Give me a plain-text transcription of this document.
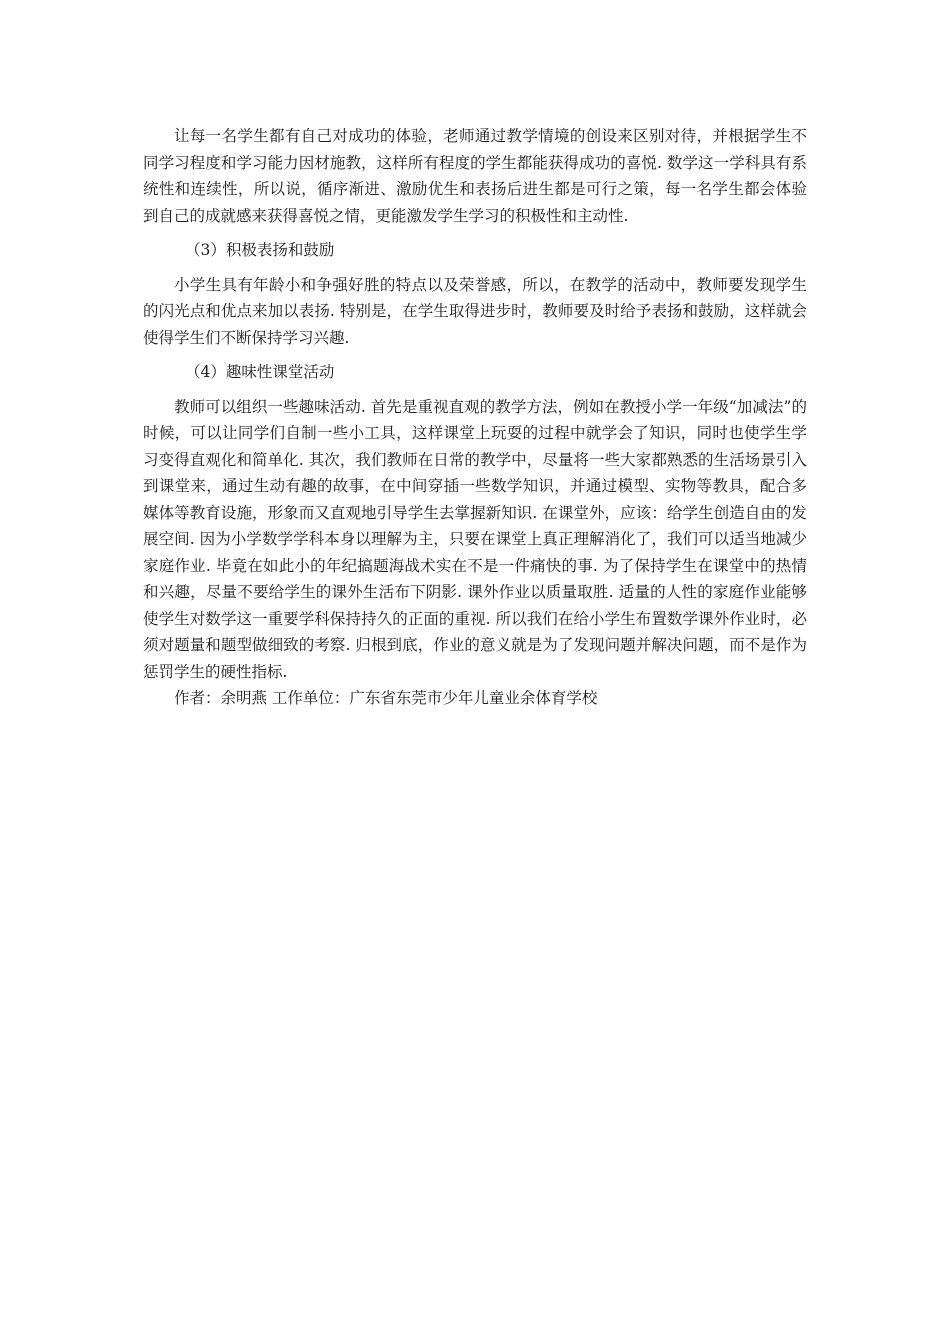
让每一名学生都有自己对成功的体验，老师通过教学情境的创设来区别对待，并根据学生不同学习程度和学习能力因材施教，这样所有程度的学生都能获得成功的喜悦. 数学这一学科具有系统性和连续性，所以说，循序渐进、激励优生和表扬后进生都是可行之策，每一名学生都会体验到自己的成就感来获得喜悦之情，更能激发学生学习的积极性和主动性.

（3）积极表扬和鼓励

小学生具有年龄小和争强好胜的特点以及荣誉感，所以，在教学的活动中，教师要发现学生的闪光点和优点来加以表扬. 特别是，在学生取得进步时，教师要及时给予表扬和鼓励，这样就会使得学生们不断保持学习兴趣.

（4）趣味性课堂活动

教师可以组织一些趣味活动. 首先是重视直观的教学方法，例如在教授小学一年级“加减法”的时候，可以让同学们自制一些小工具，这样课堂上玩耍的过程中就学会了知识，同时也使学生学习变得直观化和简单化. 其次，我们教师在日常的教学中，尽量将一些大家都熟悉的生活场景引入到课堂来，通过生动有趣的故事，在中间穿插一些数学知识，并通过模型、实物等教具，配合多媒体等教育设施，形象而又直观地引导学生去掌握新知识. 在课堂外，应该：给学生创造自由的发展空间. 因为小学数学学科本身以理解为主，只要在课堂上真正理解消化了，我们可以适当地减少家庭作业. 毕竟在如此小的年纪搞题海战术实在不是一件痛快的事. 为了保持学生在课堂中的热情和兴趣，尽量不要给学生的课外生活布下阴影. 课外作业以质量取胜. 适量的人性的家庭作业能够使学生对数学这一重要学科保持持久的正面的重视. 所以我们在给小学生布置数学课外作业时，必须对题量和题型做细致的考察. 归根到底，作业的意义就是为了发现问题并解决问题，而不是作为惩罚学生的硬性指标.

作者：余明燕 工作单位：广东省东莞市少年儿童业余体育学校
